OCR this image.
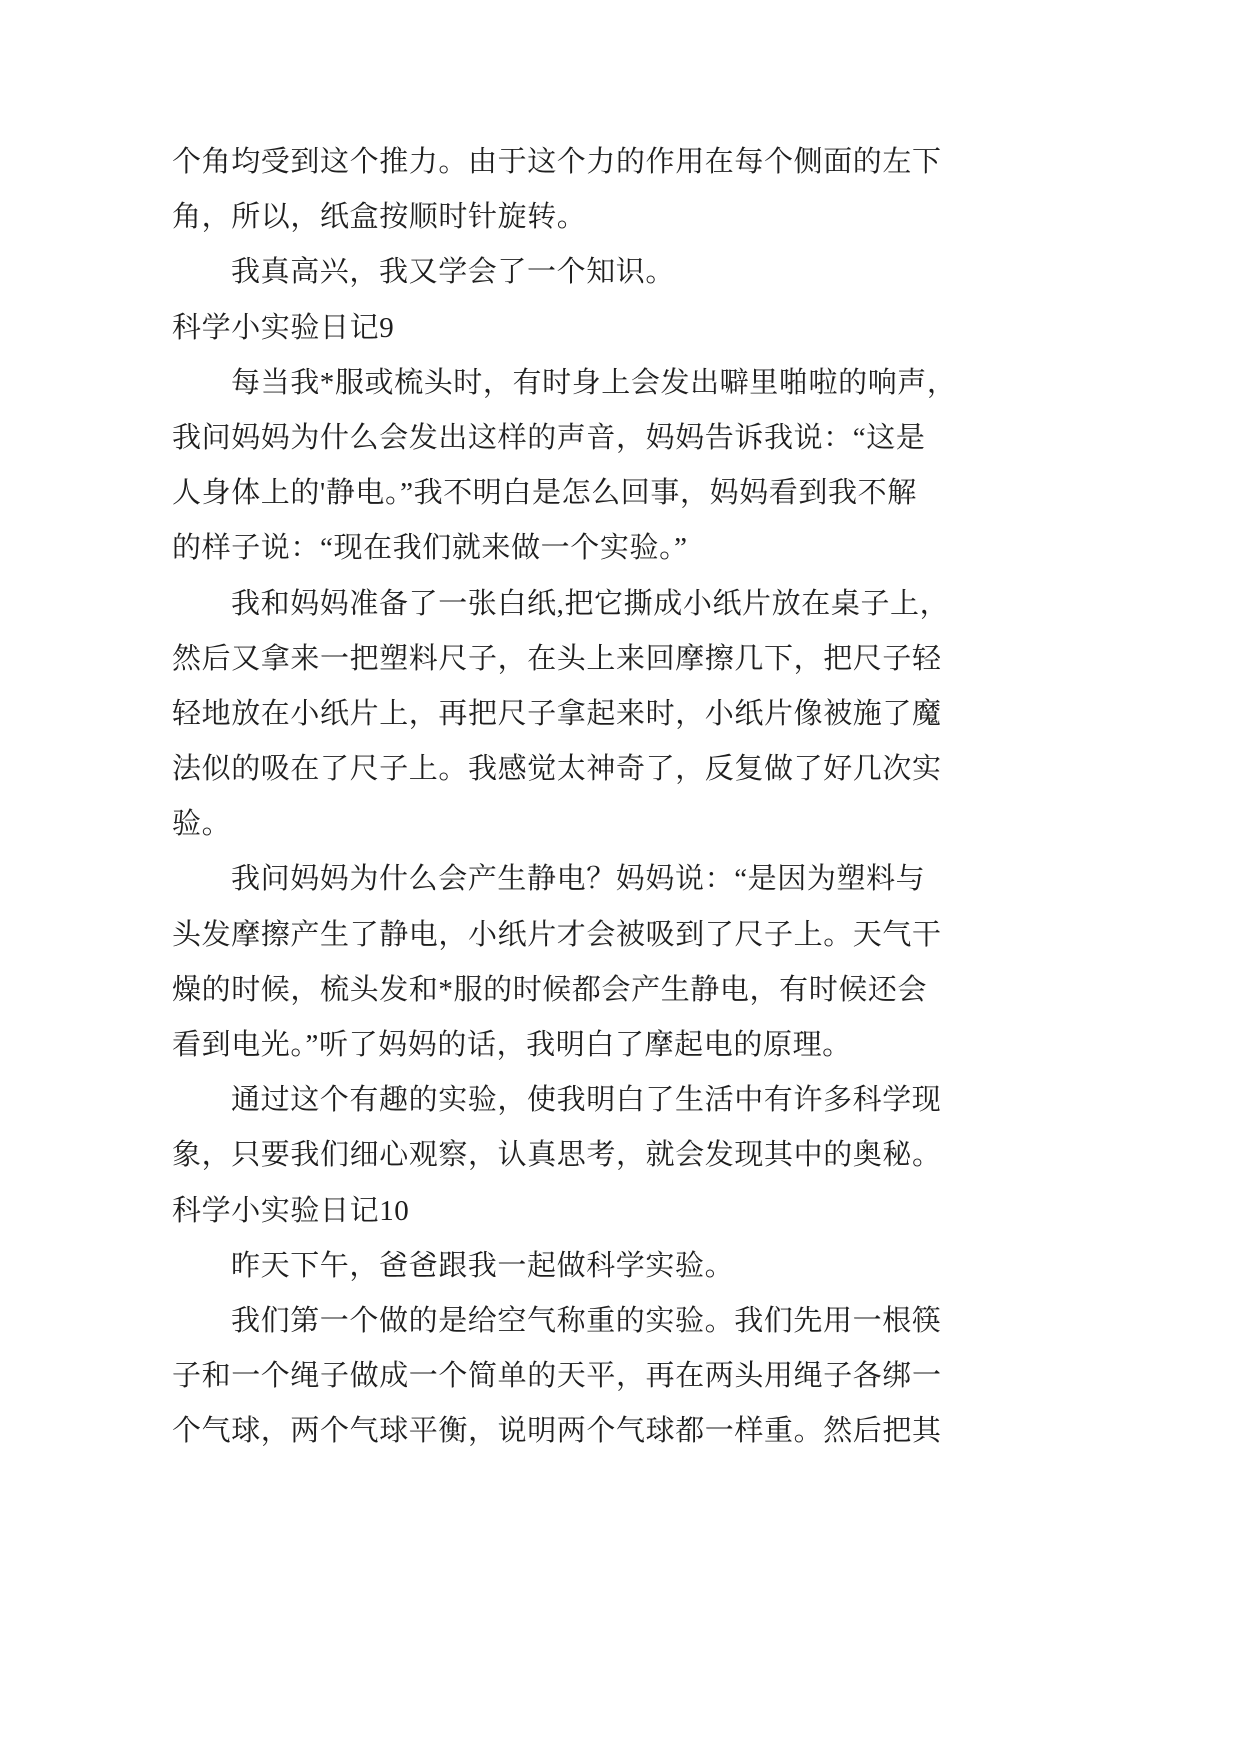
个角均受到这个推力。由于这个力的作用在每个侧面的左下
角，所以，纸盒按顺时针旋转。
我真高兴，我又学会了一个知识。
科学小实验日记9
每当我*服或梳头时，有时身上会发出噼里啪啦的响声，
我问妈妈为什么会发出这样的声音，妈妈告诉我说：“这是
人身体上的'静电。”我不明白是怎么回事，妈妈看到我不解
的样子说：“现在我们就来做一个实验。”
我和妈妈准备了一张白纸,把它撕成小纸片放在桌子上，
然后又拿来一把塑料尺子，在头上来回摩擦几下，把尺子轻
轻地放在小纸片上，再把尺子拿起来时，小纸片像被施了魔
法似的吸在了尺子上。我感觉太神奇了，反复做了好几次实
验。
我问妈妈为什么会产生静电？妈妈说：“是因为塑料与
头发摩擦产生了静电，小纸片才会被吸到了尺子上。天气干
燥的时候，梳头发和*服的时候都会产生静电，有时候还会
看到电光。”听了妈妈的话，我明白了摩起电的原理。
通过这个有趣的实验，使我明白了生活中有许多科学现
象，只要我们细心观察，认真思考，就会发现其中的奥秘。
科学小实验日记10
昨天下午，爸爸跟我一起做科学实验。
我们第一个做的是给空气称重的实验。我们先用一根筷
子和一个绳子做成一个简单的天平，再在两头用绳子各绑一
个气球，两个气球平衡，说明两个气球都一样重。然后把其
